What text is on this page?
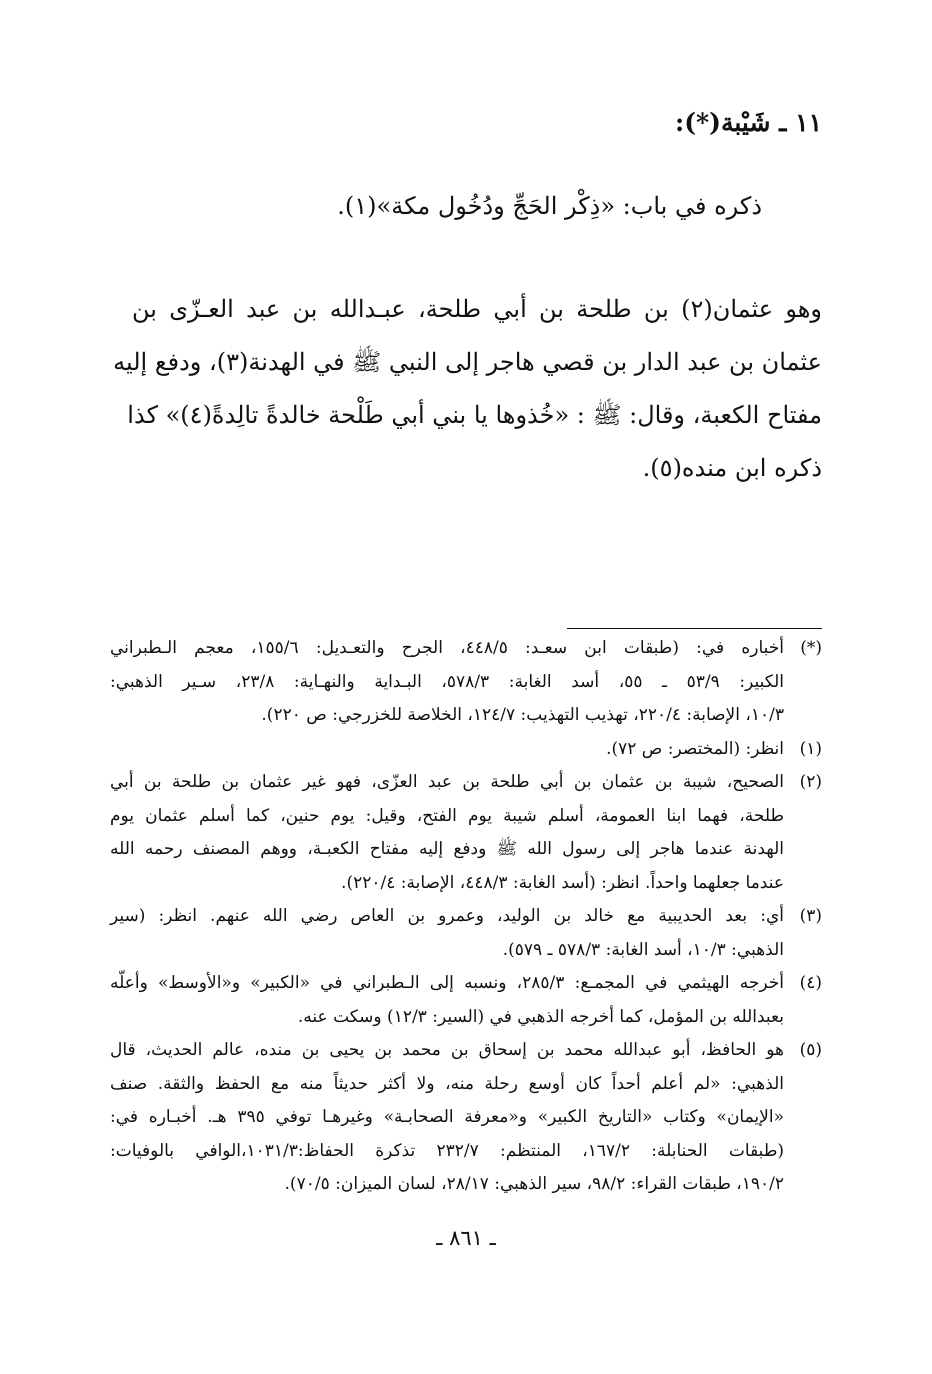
١١ ـ شَيْبة(*):
ذكره في باب: «ذِكْر الحَجِّ ودُخُول مكة»(١).
وهو عثمان(٢) بن طلحة بن أبي طلحة، عبـدالله بن عبد العـزّى بن
عثمان بن عبد الدار بن قصي هاجر إلى النبي ﷺ في الهدنة(٣)، ودفع إليه
مفتاح الكعبة، وقال: ﷺ : «خُذوها يا بني أبي طَلْحة خالدةً تالِدةً(٤)» كذا
ذكره ابن منده(٥).
(*)
أخباره في: (طبقات ابن سعـد: ٤٤٨/٥، الجرح والتعـديل: ١٥٥/٦، معجم الـطبراني
الكبير: ٥٣/٩ ـ ٥٥، أسد الغابة: ٥٧٨/٣، البـداية والنهـاية: ٢٣/٨، سـير الذهبي:
١٠/٣، الإصابة: ٢٢٠/٤، تهذيب التهذيب: ١٢٤/٧، الخلاصة للخزرجي: ص ٢٢٠).
(١)
انظر: (المختصر: ص ٧٢).
(٢)
الصحيح، شيبة بن عثمان بن أبي طلحة بن عبد العزّى، فهو غير عثمان بن طلحة بن أبي
طلحة، فهما ابنا العمومة، أسلم شيبة يوم الفتح، وقيل: يوم حنين، كما أسلم عثمان يوم
الهدنة عندما هاجر إلى رسول الله ﷺ ودفع إليه مفتاح الكعبـة، ووهم المصنف رحمه الله
عندما جعلهما واحداً. انظر: (أسد الغابة: ٤٤٨/٣، الإصابة: ٢٢٠/٤).
(٣)
أي: بعد الحديبية مع خالد بن الوليد، وعمرو بن العاص رضي الله عنهم. انظر: (سير
الذهبي: ١٠/٣، أسد الغابة: ٥٧٨/٣ ـ ٥٧٩).
(٤)
أخرجه الهيثمي في المجمـع: ٢٨٥/٣، ونسبه إلى الـطبراني في «الكبير» و«الأوسط» وأعلّه
بعبدالله بن المؤمل، كما أخرجه الذهبي في (السير: ١٢/٣) وسكت عنه.
(٥)
هو الحافظ، أبو عبدالله محمد بن إسحاق بن محمد بن يحيى بن منده، عالم الحديث، قال
الذهبي: «لم أعلم أحداً كان أوسع رحلة منه، ولا أكثر حديثاً منه مع الحفظ والثقة. صنف
«الإيمان» وكتاب «التاريخ الكبير» و«معرفة الصحابـة» وغيرهـا توفي ٣٩٥ هـ. أخبـاره في:
(طبقات الحنابلة: ١٦٧/٢، المنتظم: ٢٣٢/٧ تذكرة الحفاظ:١٠٣١/٣،الوافي بالوفيات:
١٩٠/٢، طبقات القراء: ٩٨/٢، سير الذهبي: ٢٨/١٧، لسان الميزان: ٧٠/٥).
ـ ٨٦١ ـ
